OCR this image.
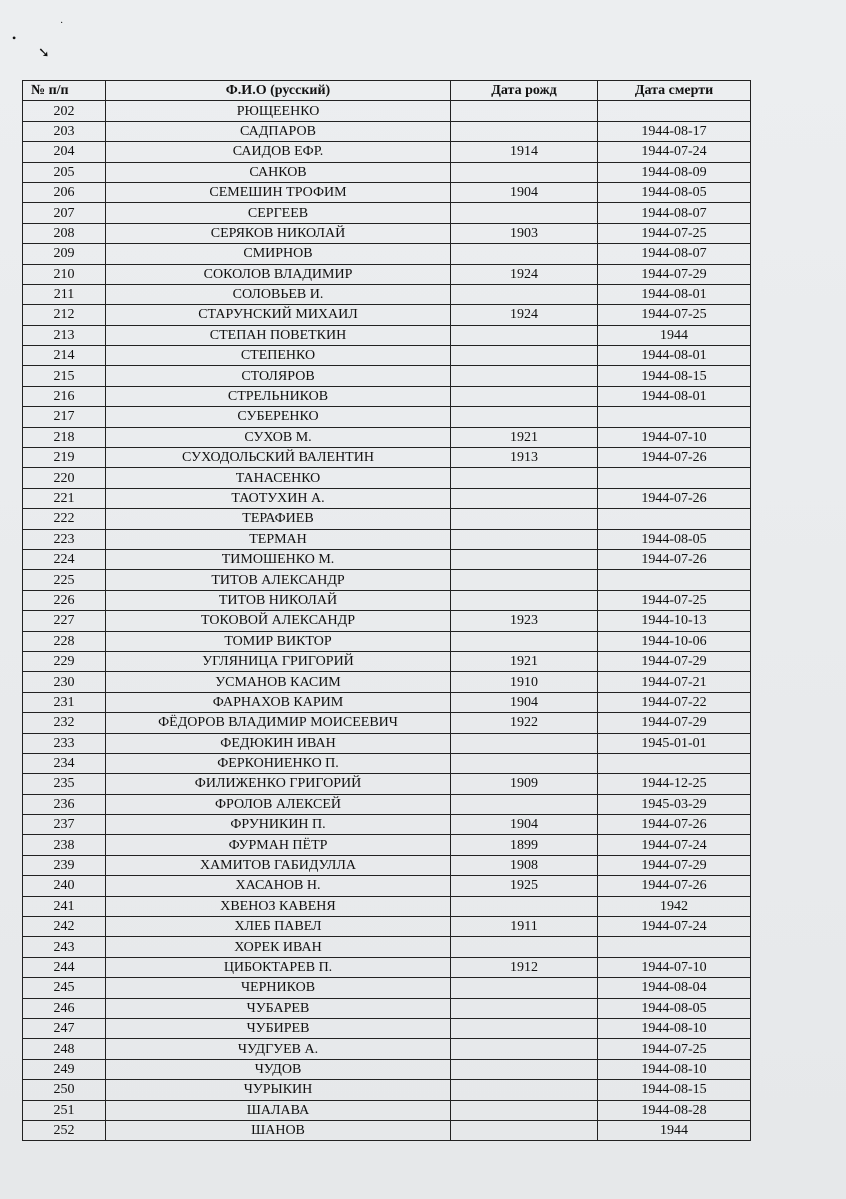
•
·
➘
№ п/п	Ф.И.О (русский)	Дата рожд	Дата смерти
202	РЮЩЕЕНКО		
203	САДПАРОВ		1944-08-17
204	САИДОВ ЕФР.	1914	1944-07-24
205	САНКОВ		1944-08-09
206	СЕМЕШИН ТРОФИМ	1904	1944-08-05
207	СЕРГЕЕВ		1944-08-07
208	СЕРЯКОВ НИКОЛАЙ	1903	1944-07-25
209	СМИРНОВ		1944-08-07
210	СОКОЛОВ ВЛАДИМИР	1924	1944-07-29
211	СОЛОВЬЕВ И.		1944-08-01
212	СТАРУНСКИЙ МИХАИЛ	1924	1944-07-25
213	СТЕПАН ПОВЕТКИН		1944
214	СТЕПЕНКО		1944-08-01
215	СТОЛЯРОВ		1944-08-15
216	СТРЕЛЬНИКОВ		1944-08-01
217	СУБЕРЕНКО		
218	СУХОВ М.	1921	1944-07-10
219	СУХОДОЛЬСКИЙ ВАЛЕНТИН	1913	1944-07-26
220	ТАНАСЕНКО		
221	ТАОТУХИН А.		1944-07-26
222	ТЕРАФИЕВ		
223	ТЕРМАН		1944-08-05
224	ТИМОШЕНКО М.		1944-07-26
225	ТИТОВ АЛЕКСАНДР		
226	ТИТОВ НИКОЛАЙ		1944-07-25
227	ТОКОВОЙ АЛЕКСАНДР	1923	1944-10-13
228	ТОМИР ВИКТОР		1944-10-06
229	УГЛЯНИЦА ГРИГОРИЙ	1921	1944-07-29
230	УСМАНОВ КАСИМ	1910	1944-07-21
231	ФАРНАХОВ КАРИМ	1904	1944-07-22
232	ФЁДОРОВ ВЛАДИМИР МОИСЕЕВИЧ	1922	1944-07-29
233	ФЕДЮКИН ИВАН		1945-01-01
234	ФЕРКОНИЕНКО П.		
235	ФИЛИЖЕНКО ГРИГОРИЙ	1909	1944-12-25
236	ФРОЛОВ АЛЕКСЕЙ		1945-03-29
237	ФРУНИКИН П.	1904	1944-07-26
238	ФУРМАН ПЁТР	1899	1944-07-24
239	ХАМИТОВ ГАБИДУЛЛА	1908	1944-07-29
240	ХАСАНОВ Н.	1925	1944-07-26
241	ХВЕНОЗ КАВЕНЯ		1942
242	ХЛЕБ ПАВЕЛ	1911	1944-07-24
243	ХОРЕК ИВАН		
244	ЦИБОКТАРЕВ П.	1912	1944-07-10
245	ЧЕРНИКОВ		1944-08-04
246	ЧУБАРЕВ		1944-08-05
247	ЧУБИРЕВ		1944-08-10
248	ЧУДГУЕВ А.		1944-07-25
249	ЧУДОВ		1944-08-10
250	ЧУРЫКИН		1944-08-15
251	ШАЛАВА		1944-08-28
252	ШАНОВ		1944
